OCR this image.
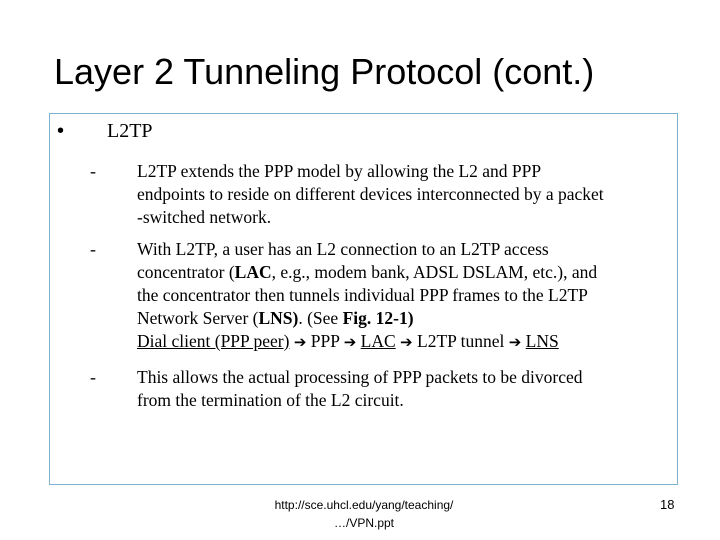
Layer 2 Tunneling Protocol (cont.)
• L2TP
- L2TP extends the PPP model by allowing the L2 and PPP
endpoints to reside on different devices interconnected by a packet
-switched network.
- With L2TP, a user has an L2 connection to an L2TP access
concentrator (LAC, e.g., modem bank, ADSL DSLAM, etc.), and
the concentrator then tunnels individual PPP frames to the L2TP
Network Server (LNS). (See Fig. 12-1)
Dial client (PPP peer) ➔ PPP ➔ LAC ➔ L2TP tunnel ➔ LNS
- This allows the actual processing of PPP packets to be divorced
from the termination of the L2 circuit.
http://sce.uhcl.edu/yang/teaching/
…/VPN.ppt
18
